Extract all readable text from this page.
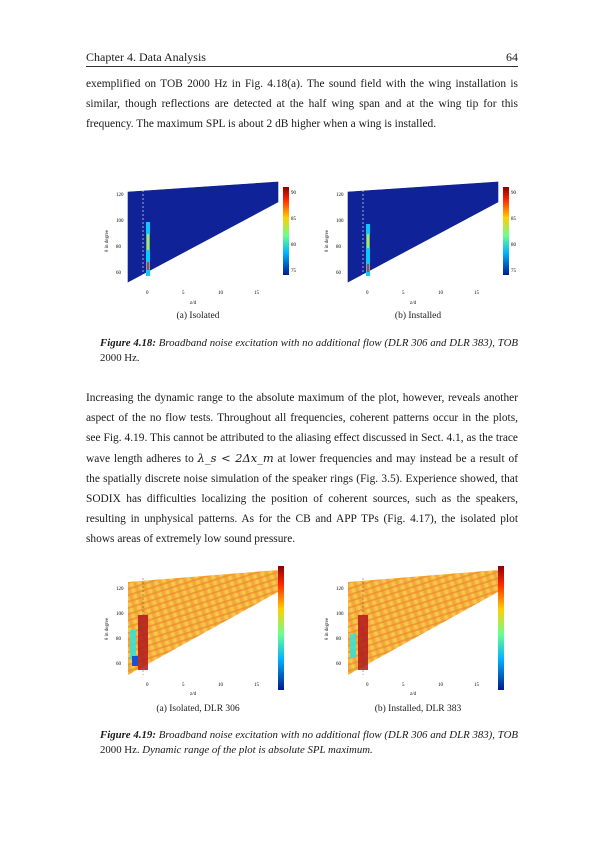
Chapter 4. Data Analysis	64

exemplified on TOB 2000 Hz in Fig. 4.18(a). The sound field with the wing installation is similar, though reflections are detected at the half wing span and at the wing tip for this frequency. The maximum SPL is about 2 dB higher when a wing is installed.

90
85
80
75
120
100
80
60
0	5	10	15
z/d
θ in degree
90
85
80
75
120
100
80
60
0	5	10	15
z/d
θ in degree
(a) Isolated	(b) Installed
Figure 4.18: Broadband noise excitation with no additional flow (DLR 306 and DLR 383), TOB 2000 Hz.

Increasing the dynamic range to the absolute maximum of the plot, however, reveals another aspect of the no flow tests. Throughout all frequencies, coherent patterns occur in the plots, see Fig. 4.19. This cannot be attributed to the aliasing effect discussed in Sect. 4.1, as the trace wave length adheres to λ_s < 2Δx_m at lower frequencies and may instead be a result of the spatially discrete noise simulation of the speaker rings (Fig. 3.5). Experience showed, that SODIX has difficulties localizing the position of coherent sources, such as the speakers, resulting in unphysical patterns. As for the CB and APP TPs (Fig. 4.17), the isolated plot shows areas of extremely low sound pressure.

120
100
80
60
0	5	10	15
z/d
θ in degree
120
100
80
60
0	5	10	15
z/d
θ in degree
(a) Isolated, DLR 306	(b) Installed, DLR 383
Figure 4.19: Broadband noise excitation with no additional flow (DLR 306 and DLR 383), TOB 2000 Hz. Dynamic range of the plot is absolute SPL maximum.
